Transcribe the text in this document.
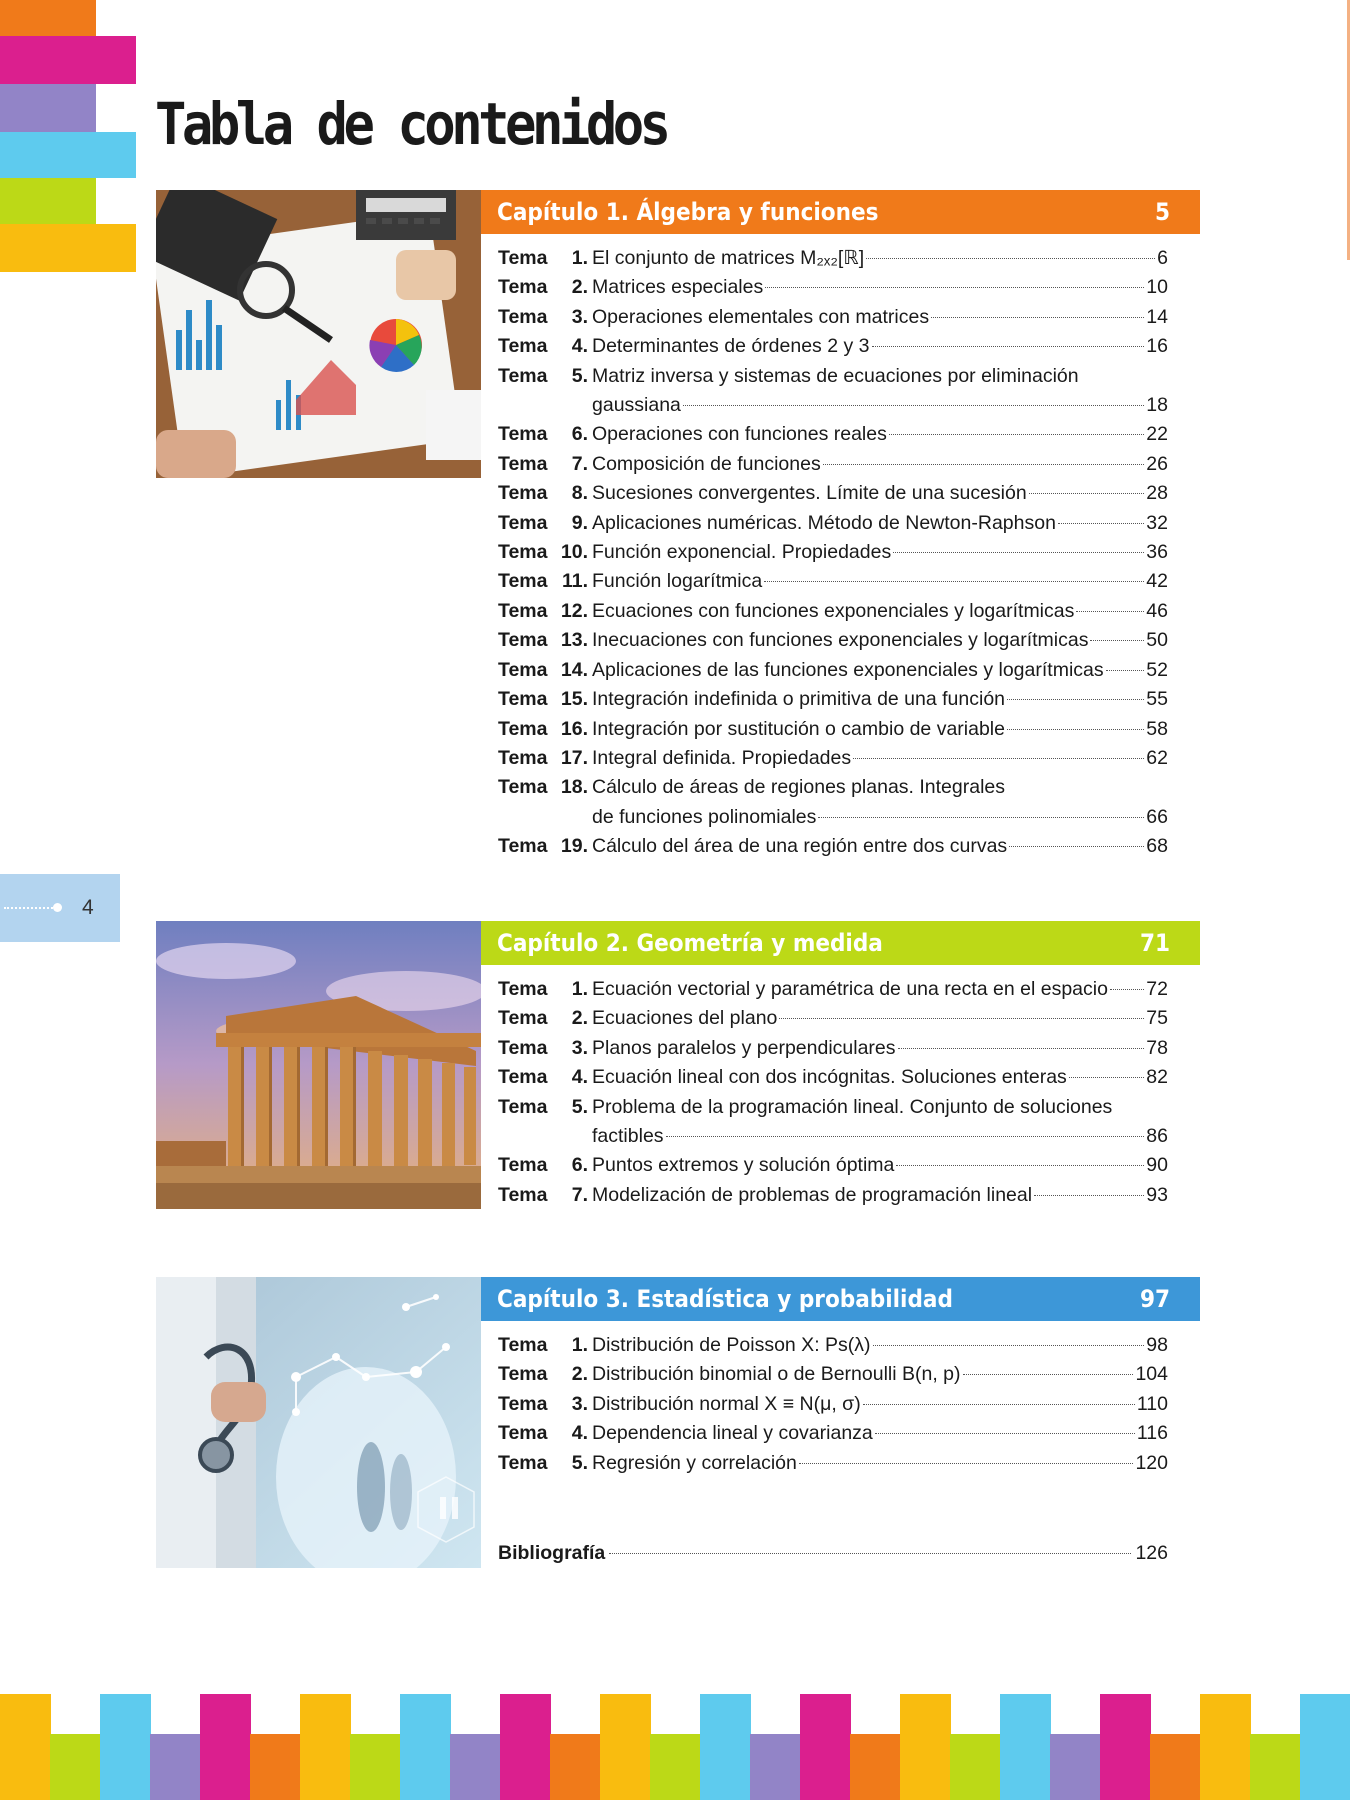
Tabla de contenidos
Capítulo 1. Álgebra y funciones	5
Tema	1. El conjunto de matrices M₂ₓ₂[ℝ]	6
Tema	2. Matrices especiales	10
Tema	3. Operaciones elementales con matrices	14
Tema	4. Determinantes de órdenes 2 y 3	16
Tema	5. Matriz inversa y sistemas de ecuaciones por eliminación
gaussiana	18
Tema	6. Operaciones con funciones reales	22
Tema	7. Composición de funciones	26
Tema	8. Sucesiones convergentes. Límite de una sucesión	28
Tema	9. Aplicaciones numéricas. Método de Newton-Raphson	32
Tema 10. Función exponencial. Propiedades	36
Tema 11. Función logarítmica	42
Tema 12. Ecuaciones con funciones exponenciales y logarítmicas	46
Tema 13. Inecuaciones con funciones exponenciales y logarítmicas	50
Tema 14. Aplicaciones de las funciones exponenciales y logarítmicas 52
Tema 15. Integración indefinida o primitiva de una función	55
Tema 16. Integración por sustitución o cambio de variable	58
Tema 17. Integral definida. Propiedades	62
Tema 18. Cálculo de áreas de regiones planas. Integrales
de funciones polinomiales	66
Tema 19. Cálculo del área de una región entre dos curvas	68
4
Capítulo 2. Geometría y medida	71
Tema	1. Ecuación vectorial y paramétrica de una recta en el espacio 72
Tema	2. Ecuaciones del plano	75
Tema	3. Planos paralelos y perpendiculares	78
Tema	4. Ecuación lineal con dos incógnitas. Soluciones enteras	82
Tema	5. Problema de la programación lineal. Conjunto de soluciones
factibles	86
Tema	6. Puntos extremos y solución óptima	90
Tema	7. Modelización de problemas de programación lineal	93
Capítulo 3. Estadística y probabilidad	97
Tema	1. Distribución de Poisson X: Ps(λ)	98
Tema	2. Distribución binomial o de Bernoulli B(n, p)	104
Tema	3. Distribución normal X ≡ N(μ, σ)	110
Tema	4. Dependencia lineal y covarianza	116
Tema	5. Regresión y correlación	120
Bibliografía	126
